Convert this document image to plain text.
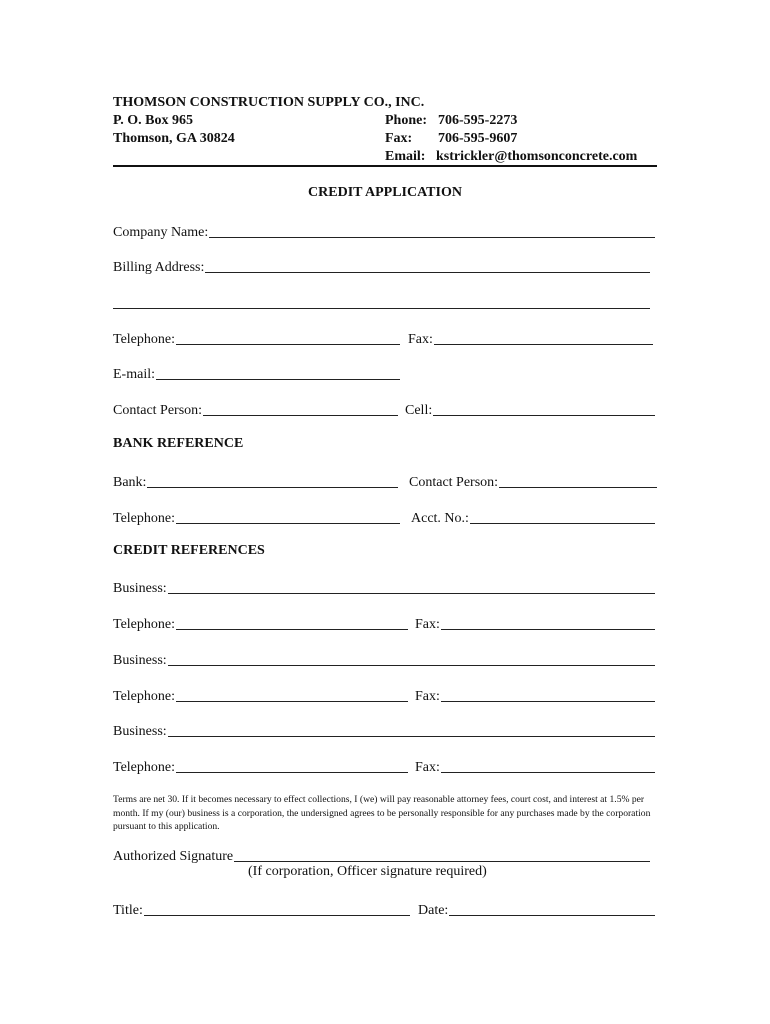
THOMSON CONSTRUCTION SUPPLY CO., INC.
P. O. Box 965
Thomson, GA 30824
Phone: 706-595-2273
Fax: 706-595-9607
Email: kstrickler@thomsonconcrete.com
CREDIT APPLICATION
Company Name:
Billing Address:
Telephone:	Fax:
E-mail:
Contact Person:	Cell:
BANK REFERENCE
Bank:	Contact Person:
Telephone:	Acct. No.:
CREDIT REFERENCES
Business:
Telephone:	Fax:
Business:
Telephone:	Fax:
Business:
Telephone:	Fax:
Terms are net 30. If it becomes necessary to effect collections, I (we) will pay reasonable attorney fees, court cost, and interest at 1.5% per month. If my (our) business is a corporation, the undersigned agrees to be personally responsible for any purchases made by the corporation pursuant to this application.
Authorized Signature
(If corporation, Officer signature required)
Title:	Date:
